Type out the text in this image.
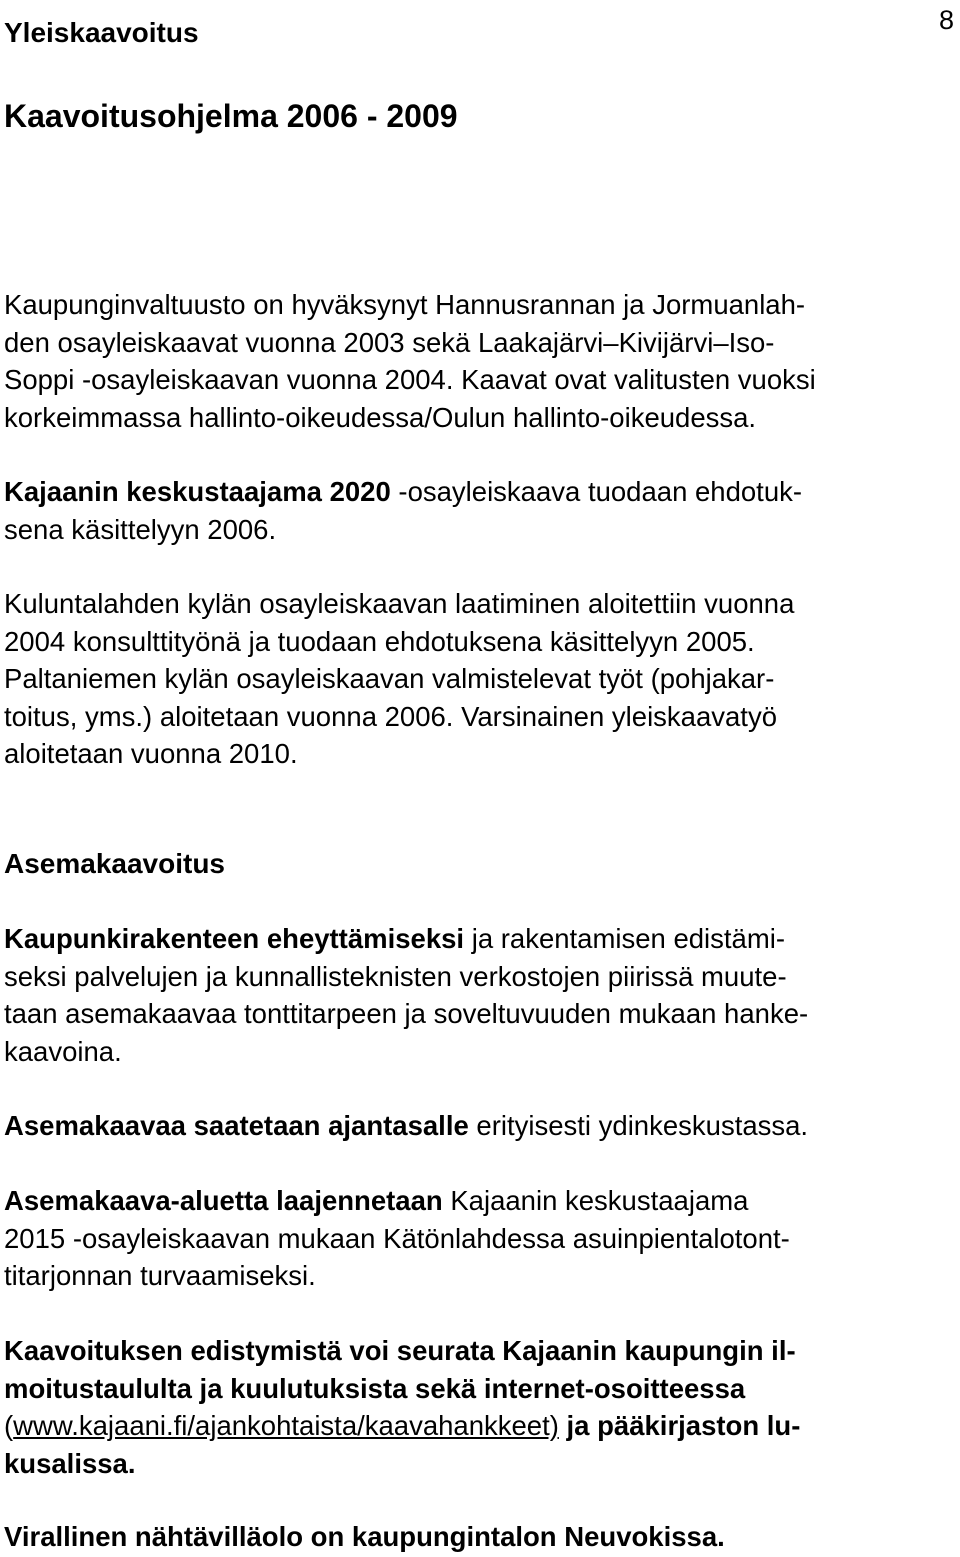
8
Kaavoitusohjelma 2006 - 2009
Yleiskaavoitus
Kaupunginvaltuusto on hyväksynyt Hannusrannan ja Jormuanlah-
den osayleiskaavat vuonna 2003 sekä Laakajärvi–Kivijärvi–Iso-
Soppi -osayleiskaavan vuonna 2004. Kaavat ovat valitusten vuoksi
korkeimmassa hallinto-oikeudessa/Oulun hallinto-oikeudessa.
Kajaanin keskustaajama 2020 -osayleiskaava tuodaan ehdotuk-
sena käsittelyyn 2006.
Kuluntalahden kylän osayleiskaavan laatiminen aloitettiin vuonna
2004 konsulttityönä ja tuodaan ehdotuksena käsittelyyn 2005.
Paltaniemen kylän osayleiskaavan valmistelevat työt (pohjakar-
toitus, yms.) aloitetaan vuonna 2006. Varsinainen yleiskaavatyö
aloitetaan vuonna 2010.
Asemakaavoitus
Kaupunkirakenteen eheyttämiseksi ja rakentamisen edistämi-
seksi palvelujen ja kunnallisteknisten verkostojen piirissä muute-
taan asemakaavaa tonttitarpeen ja soveltuvuuden mukaan hanke-
kaavoina.
Asemakaavaa saatetaan ajantasalle erityisesti ydinkeskustassa.
Asemakaava-aluetta laajennetaan Kajaanin keskustaajama
2015 -osayleiskaavan mukaan Kätönlahdessa asuinpientalotont-
titarjonnan turvaamiseksi.
Kaavoituksen edistymistä voi seurata Kajaanin kaupungin il-
moitustaululta ja kuulutuksista sekä internet-osoitteessa
(www.kajaani.fi/ajankohtaista/kaavahankkeet) ja pääkirjaston lu-
kusalissa.
Virallinen nähtävilläolo on kaupungintalon Neuvokissa.
